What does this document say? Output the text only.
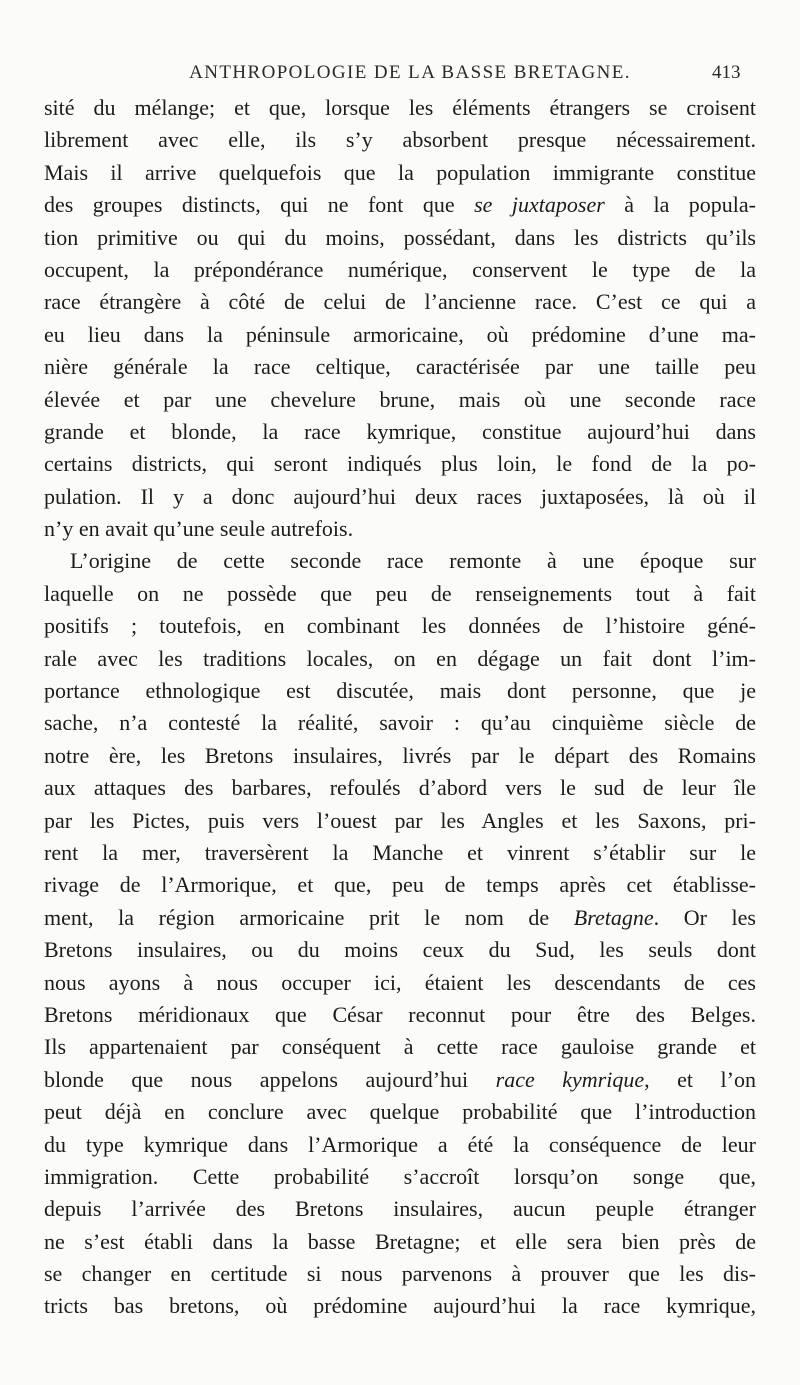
ANTHROPOLOGIE DE LA BASSE BRETAGNE.	413
sité du mélange; et que, lorsque les éléments étrangers se croisent
librement avec elle, ils s’y absorbent presque nécessairement.
Mais il arrive quelquefois que la population immigrante constitue
des groupes distincts, qui ne font que se juxtaposer à la popula-
tion primitive ou qui du moins, possédant, dans les districts qu’ils
occupent, la prépondérance numérique, conservent le type de la
race étrangère à côté de celui de l’ancienne race. C’est ce qui a
eu lieu dans la péninsule armoricaine, où prédomine d’une ma-
nière générale la race celtique, caractérisée par une taille peu
élevée et par une chevelure brune, mais où une seconde race
grande et blonde, la race kymrique, constitue aujourd’hui dans
certains districts, qui seront indiqués plus loin, le fond de la po-
pulation. Il y a donc aujourd’hui deux races juxtaposées, là où il
n’y en avait qu’une seule autrefois.
L’origine de cette seconde race remonte à une époque sur
laquelle on ne possède que peu de renseignements tout à fait
positifs ; toutefois, en combinant les données de l’histoire géné-
rale avec les traditions locales, on en dégage un fait dont l’im-
portance ethnologique est discutée, mais dont personne, que je
sache, n’a contesté la réalité, savoir : qu’au cinquième siècle de
notre ère, les Bretons insulaires, livrés par le départ des Romains
aux attaques des barbares, refoulés d’abord vers le sud de leur île
par les Pictes, puis vers l’ouest par les Angles et les Saxons, pri-
rent la mer, traversèrent la Manche et vinrent s’établir sur le
rivage de l’Armorique, et que, peu de temps après cet établisse-
ment, la région armoricaine prit le nom de Bretagne. Or les
Bretons insulaires, ou du moins ceux du Sud, les seuls dont
nous ayons à nous occuper ici, étaient les descendants de ces
Bretons méridionaux que César reconnut pour être des Belges.
Ils appartenaient par conséquent à cette race gauloise grande et
blonde que nous appelons aujourd’hui race kymrique, et l’on
peut déjà en conclure avec quelque probabilité que l’introduction
du type kymrique dans l’Armorique a été la conséquence de leur
immigration. Cette probabilité s’accroît lorsqu’on songe que,
depuis l’arrivée des Bretons insulaires, aucun peuple étranger
ne s’est établi dans la basse Bretagne; et elle sera bien près de
se changer en certitude si nous parvenons à prouver que les dis-
tricts bas bretons, où prédomine aujourd’hui la race kymrique,
